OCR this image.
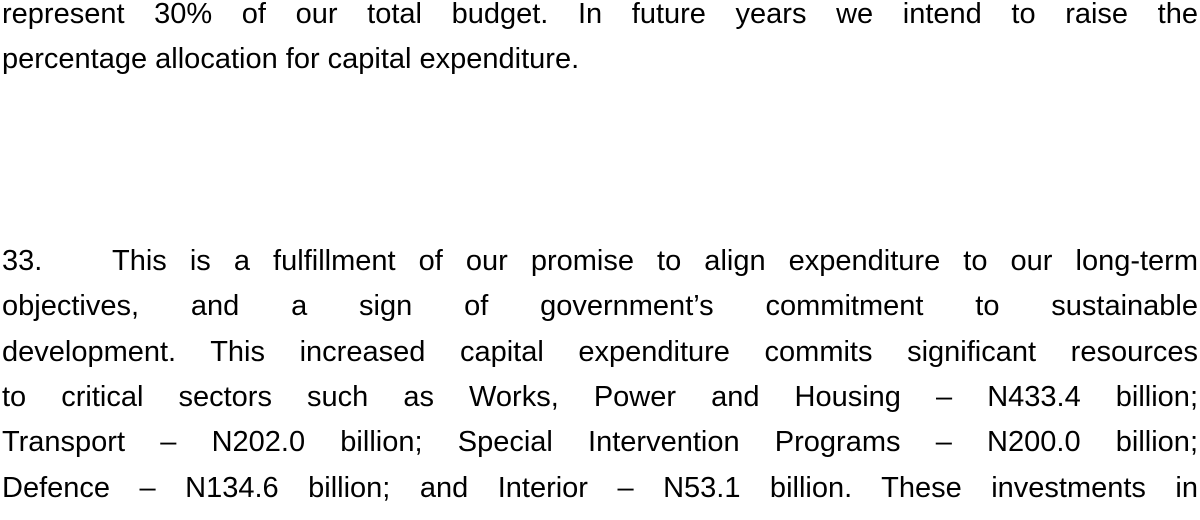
represent 30% of our total budget. In future years we intend to raise the
percentage allocation for capital expenditure.
33.	This is a fulfillment of our promise to align expenditure to our long-term
objectives, and a sign of government’s commitment to sustainable
development. This increased capital expenditure commits significant resources
to critical sectors such as Works, Power and Housing – N433.4 billion;
Transport – N202.0 billion; Special Intervention Programs – N200.0 billion;
Defence – N134.6 billion; and Interior – N53.1 billion. These investments in
